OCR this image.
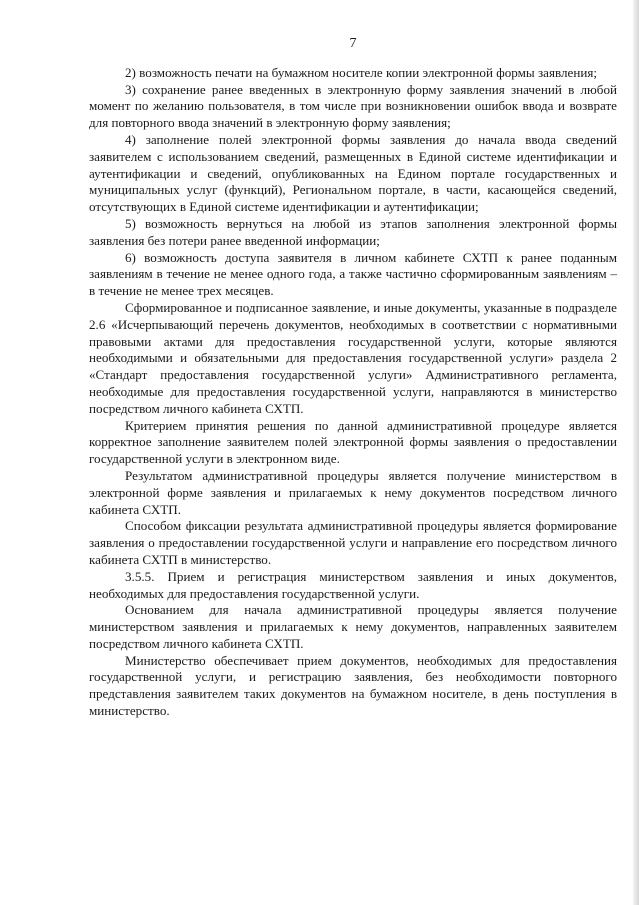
7

2) возможность печати на бумажном носителе копии электронной формы заявления;

3) сохранение ранее введенных в электронную форму заявления значений в любой момент по желанию пользователя, в том числе при возникновении ошибок ввода и возврате для повторного ввода значений в электронную форму заявления;

4) заполнение полей электронной формы заявления до начала ввода сведений заявителем с использованием сведений, размещенных в Единой системе идентификации и аутентификации и сведений, опубликованных на Едином портале государственных и муниципальных услуг (функций), Региональном портале, в части, касающейся сведений, отсутствующих в Единой системе идентификации и аутентификации;

5) возможность вернуться на любой из этапов заполнения электронной формы заявления без потери ранее введенной информации;

6) возможность доступа заявителя в личном кабинете СХТП к ранее поданным заявлениям в течение не менее одного года, а также частично сформированным заявлениям – в течение не менее трех месяцев.

Сформированное и подписанное заявление, и иные документы, указанные в подразделе 2.6 «Исчерпывающий перечень документов, необходимых в соответствии с нормативными правовыми актами для предоставления государственной услуги, которые являются необходимыми и обязательными для предоставления государственной услуги» раздела 2 «Стандарт предоставления государственной услуги» Административного регламента, необходимые для предоставления государственной услуги, направляются в министерство посредством личного кабинета СХТП.

Критерием принятия решения по данной административной процедуре является корректное заполнение заявителем полей электронной формы заявления о предоставлении государственной услуги в электронном виде.

Результатом административной процедуры является получение министерством в электронной форме заявления и прилагаемых к нему документов посредством личного кабинета СХТП.

Способом фиксации результата административной процедуры является формирование заявления о предоставлении государственной услуги и направление его посредством личного кабинета СХТП в министерство.

3.5.5. Прием и регистрация министерством заявления и иных документов, необходимых для предоставления государственной услуги.

Основанием для начала административной процедуры является получение министерством заявления и прилагаемых к нему документов, направленных заявителем посредством личного кабинета СХТП.

Министерство обеспечивает прием документов, необходимых для предоставления государственной услуги, и регистрацию заявления, без необходимости повторного представления заявителем таких документов на бумажном носителе, в день поступления в министерство.
